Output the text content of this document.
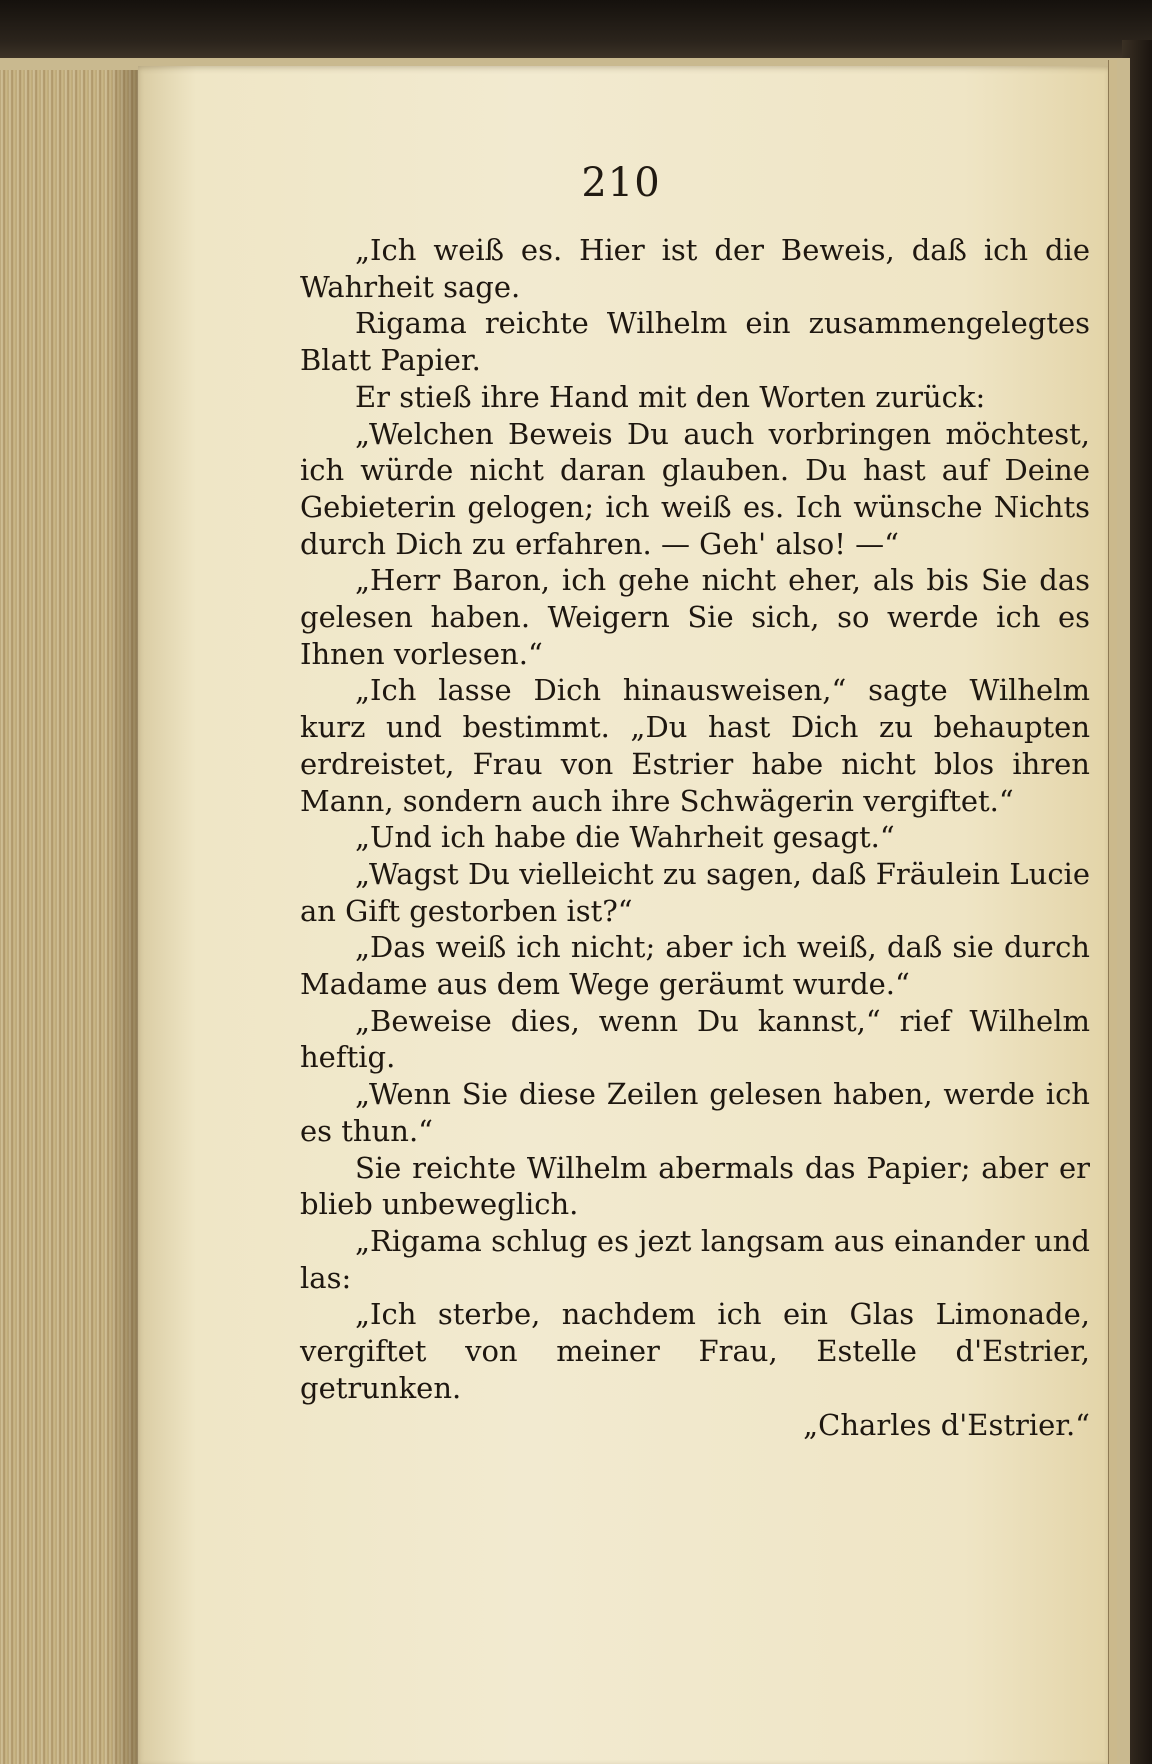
210

„Ich weiß es. Hier ist der Beweis, daß ich die Wahrheit sage.

Rigama reichte Wilhelm ein zusammengelegtes Blatt Papier.

Er stieß ihre Hand mit den Worten zurück:

„Welchen Beweis Du auch vorbringen möchtest, ich würde nicht daran glauben. Du hast auf Deine Gebieterin gelogen; ich weiß es. Ich wünsche Nichts durch Dich zu erfahren. — Geh' also! —“

„Herr Baron, ich gehe nicht eher, als bis Sie das gelesen haben. Weigern Sie sich, so werde ich es Ihnen vorlesen.“

„Ich lasse Dich hinausweisen,“ sagte Wilhelm kurz und bestimmt. „Du hast Dich zu behaupten erdreistet, Frau von Estrier habe nicht blos ihren Mann, sondern auch ihre Schwägerin vergiftet.“

„Und ich habe die Wahrheit gesagt.“

„Wagst Du vielleicht zu sagen, daß Fräulein Lucie an Gift gestorben ist?“

„Das weiß ich nicht; aber ich weiß, daß sie durch Madame aus dem Wege geräumt wurde.“

„Beweise dies, wenn Du kannst,“ rief Wilhelm heftig.

„Wenn Sie diese Zeilen gelesen haben, werde ich es thun.“

Sie reichte Wilhelm abermals das Papier; aber er blieb unbeweglich.

„Rigama schlug es jezt langsam aus einander und las:

„Ich sterbe, nachdem ich ein Glas Limonade, vergiftet von meiner Frau, Estelle d'Estrier, getrunken.
„Charles d'Estrier.“
